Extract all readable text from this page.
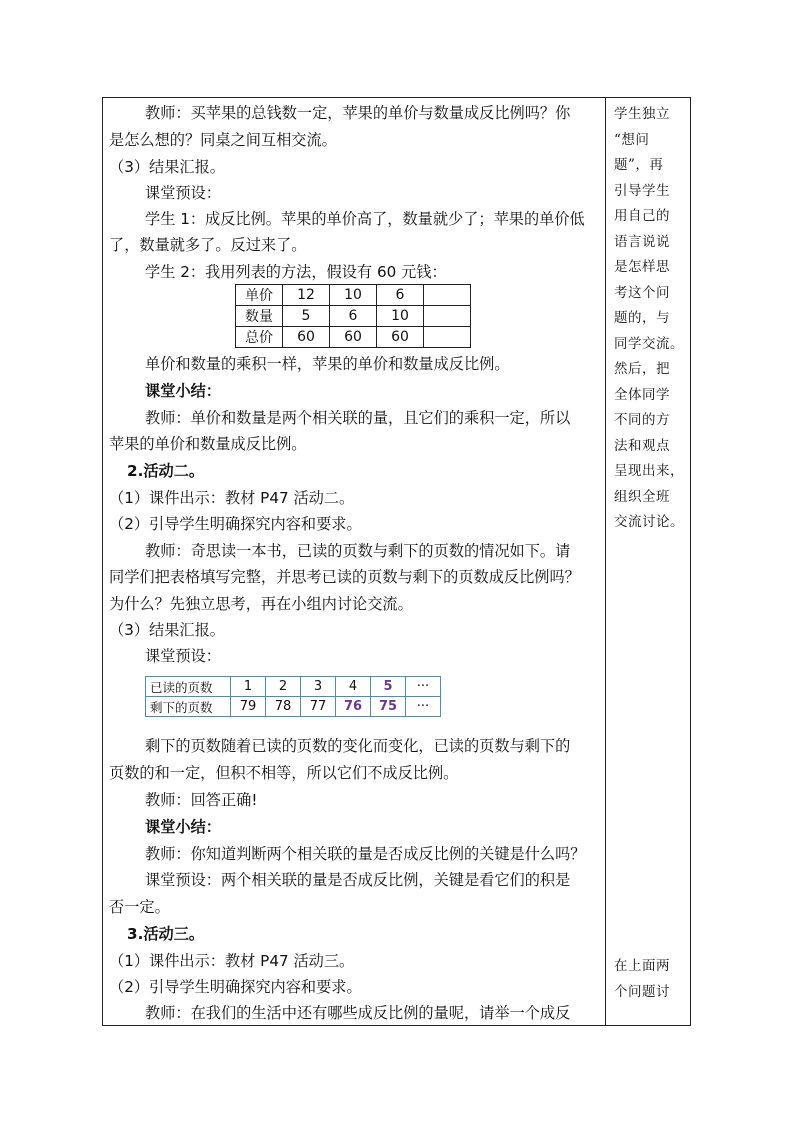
教师：买苹果的总钱数一定，苹果的单价与数量成反比例吗？你
是怎么想的？同桌之间互相交流。
（3）结果汇报。
课堂预设：
学生 1：成反比例。苹果的单价高了，数量就少了；苹果的单价低
了，数量就多了。反过来了。
学生 2：我用列表的方法，假设有 60 元钱：
单价	12	10	6	
数量	5	6	10	
总价	60	60	60	
单价和数量的乘积一样，苹果的单价和数量成反比例。
课堂小结：
教师：单价和数量是两个相关联的量，且它们的乘积一定，所以
苹果的单价和数量成反比例。
2.活动二。
（1）课件出示：教材 P47 活动二。
（2）引导学生明确探究内容和要求。
教师：奇思读一本书，已读的页数与剩下的页数的情况如下。请
同学们把表格填写完整，并思考已读的页数与剩下的页数成反比例吗？
为什么？先独立思考，再在小组内讨论交流。
（3）结果汇报。
课堂预设：
已读的页数	1	2	3	4	5	···
剩下的页数	79	78	77	76	75	···
剩下的页数随着已读的页数的变化而变化，已读的页数与剩下的
页数的和一定，但积不相等，所以它们不成反比例。
教师：回答正确!
课堂小结：
教师：你知道判断两个相关联的量是否成反比例的关键是什么吗？
课堂预设：两个相关联的量是否成反比例，关键是看它们的积是
否一定。
3.活动三。
（1）课件出示：教材 P47 活动三。
（2）引导学生明确探究内容和要求。
教师：在我们的生活中还有哪些成反比例的量呢，请举一个成反
学生独立
“想问
题”，再
引导学生
用自己的
语言说说
是怎样思
考这个问
题的，与
同学交流。
然后，把
全体同学
不同的方
法和观点
呈现出来，
组织全班
交流讨论。
在上面两
个问题讨
